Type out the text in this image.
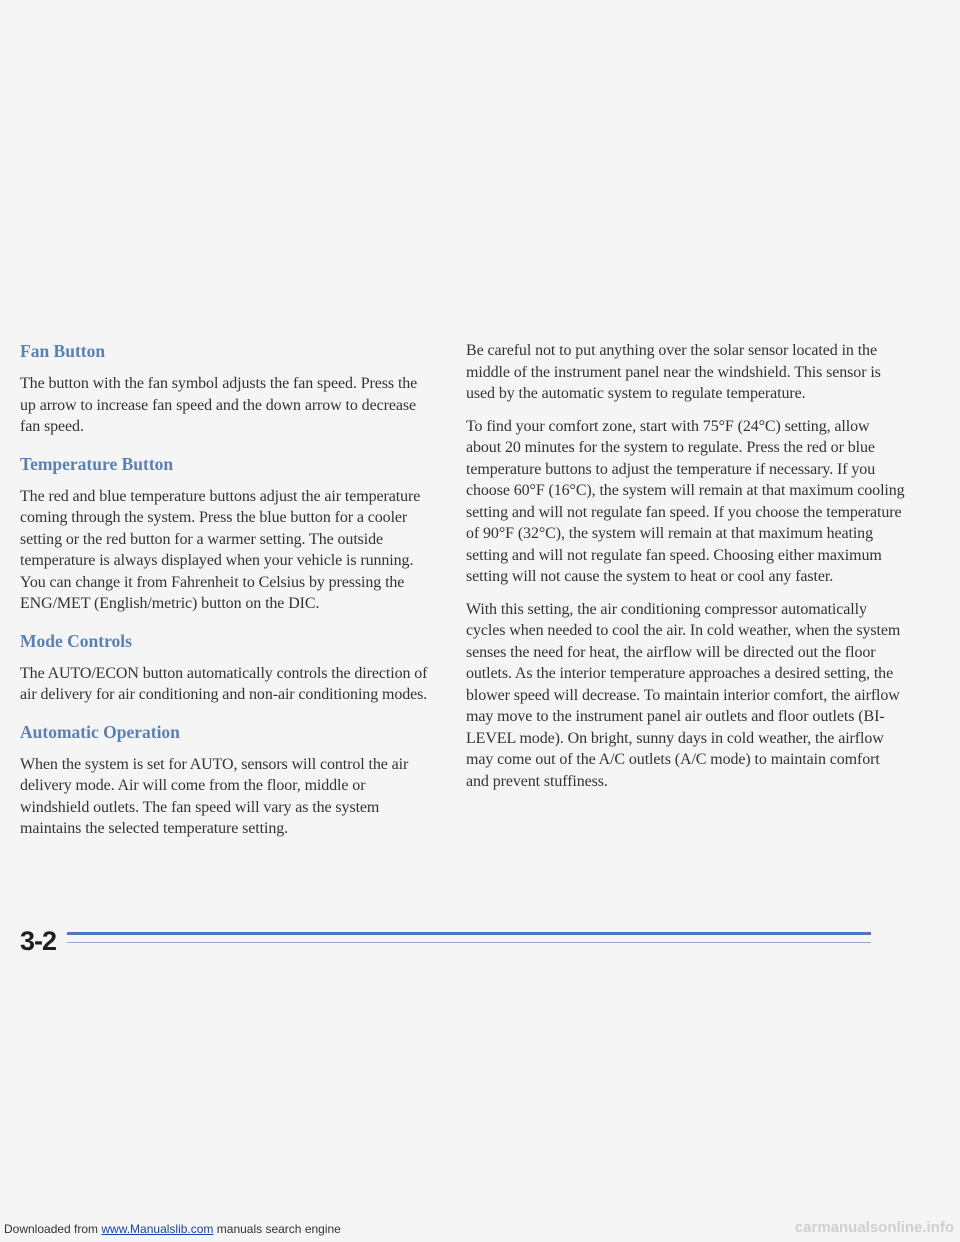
Fan Button

The button with the fan symbol adjusts the fan speed. Press the up arrow to increase fan speed and the down arrow to decrease fan speed.

Temperature Button

The red and blue temperature buttons adjust the air temperature coming through the system. Press the blue button for a cooler setting or the red button for a warmer setting. The outside temperature is always displayed when your vehicle is running. You can change it from Fahrenheit to Celsius by pressing the ENG/MET (English/metric) button on the DIC.

Mode Controls

The AUTO/ECON button automatically controls the direction of air delivery for air conditioning and non-air conditioning modes.

Automatic Operation

When the system is set for AUTO, sensors will control the air delivery mode. Air will come from the floor, middle or windshield outlets. The fan speed will vary as the system maintains the selected temperature setting.

Be careful not to put anything over the solar sensor located in the middle of the instrument panel near the windshield. This sensor is used by the automatic system to regulate temperature.

To find your comfort zone, start with 75°F (24°C) setting, allow about 20 minutes for the system to regulate. Press the red or blue temperature buttons to adjust the temperature if necessary. If you choose 60°F (16°C), the system will remain at that maximum cooling setting and will not regulate fan speed. If you choose the temperature of 90°F (32°C), the system will remain at that maximum heating setting and will not regulate fan speed. Choosing either maximum setting will not cause the system to heat or cool any faster.

With this setting, the air conditioning compressor automatically cycles when needed to cool the air. In cold weather, when the system senses the need for heat, the airflow will be directed out the floor outlets. As the interior temperature approaches a desired setting, the blower speed will decrease. To maintain interior comfort, the airflow may move to the instrument panel air outlets and floor outlets (BI-LEVEL mode). On bright, sunny days in cold weather, the airflow may come out of the A/C outlets (A/C mode) to maintain comfort and prevent stuffiness.

3-2
Downloaded from www.Manualslib.com manuals search engine	carmanualsonline.info
